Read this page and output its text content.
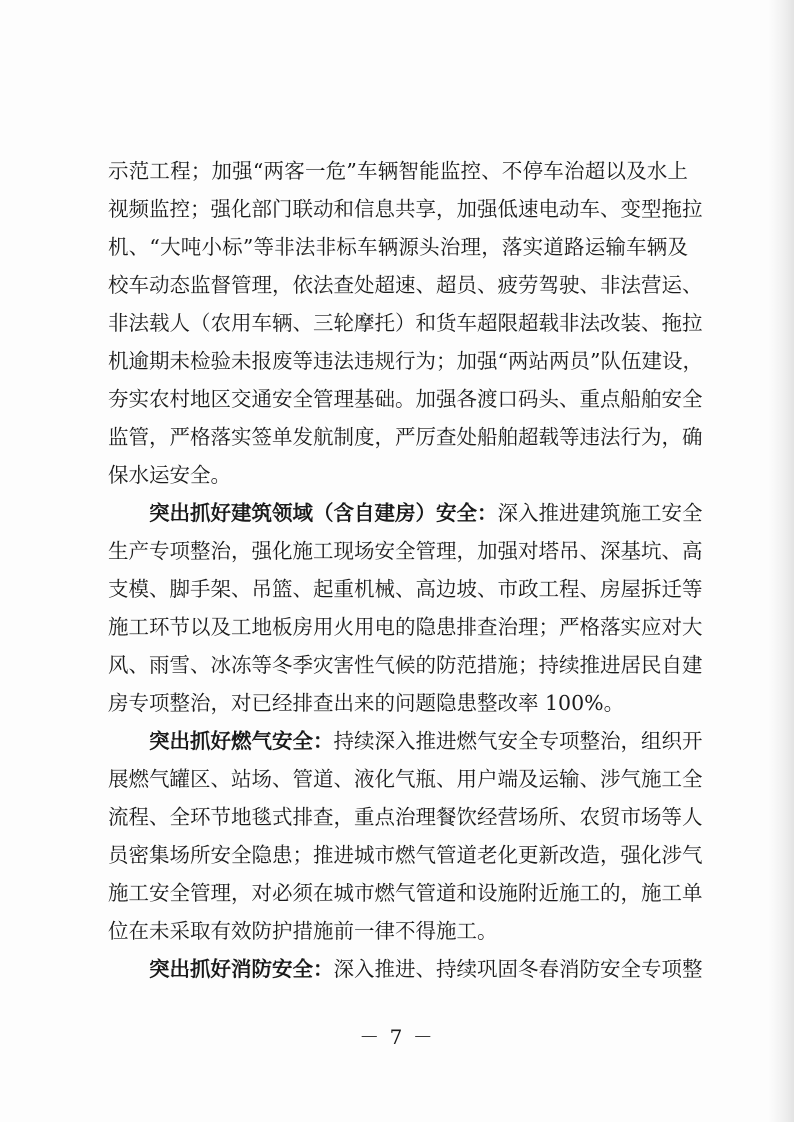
示范工程；加强“两客一危”车辆智能监控、不停车治超以及水上
视频监控；强化部门联动和信息共享，加强低速电动车、变型拖拉
机、“大吨小标”等非法非标车辆源头治理，落实道路运输车辆及
校车动态监督管理，依法查处超速、超员、疲劳驾驶、非法营运、
非法载人（农用车辆、三轮摩托）和货车超限超载非法改装、拖拉
机逾期未检验未报废等违法违规行为；加强“两站两员”队伍建设，
夯实农村地区交通安全管理基础。加强各渡口码头、重点船舶安全
监管，严格落实签单发航制度，严厉查处船舶超载等违法行为，确
保水运安全。
突出抓好建筑领域（含自建房）安全：深入推进建筑施工安全
生产专项整治，强化施工现场安全管理，加强对塔吊、深基坑、高
支模、脚手架、吊篮、起重机械、高边坡、市政工程、房屋拆迁等
施工环节以及工地板房用火用电的隐患排查治理；严格落实应对大
风、雨雪、冰冻等冬季灾害性气候的防范措施；持续推进居民自建
房专项整治，对已经排查出来的问题隐患整改率 100%。
突出抓好燃气安全：持续深入推进燃气安全专项整治，组织开
展燃气罐区、站场、管道、液化气瓶、用户端及运输、涉气施工全
流程、全环节地毯式排查，重点治理餐饮经营场所、农贸市场等人
员密集场所安全隐患；推进城市燃气管道老化更新改造，强化涉气
施工安全管理，对必须在城市燃气管道和设施附近施工的，施工单
位在未采取有效防护措施前一律不得施工。
突出抓好消防安全：深入推进、持续巩固冬春消防安全专项整
－ 7 －
